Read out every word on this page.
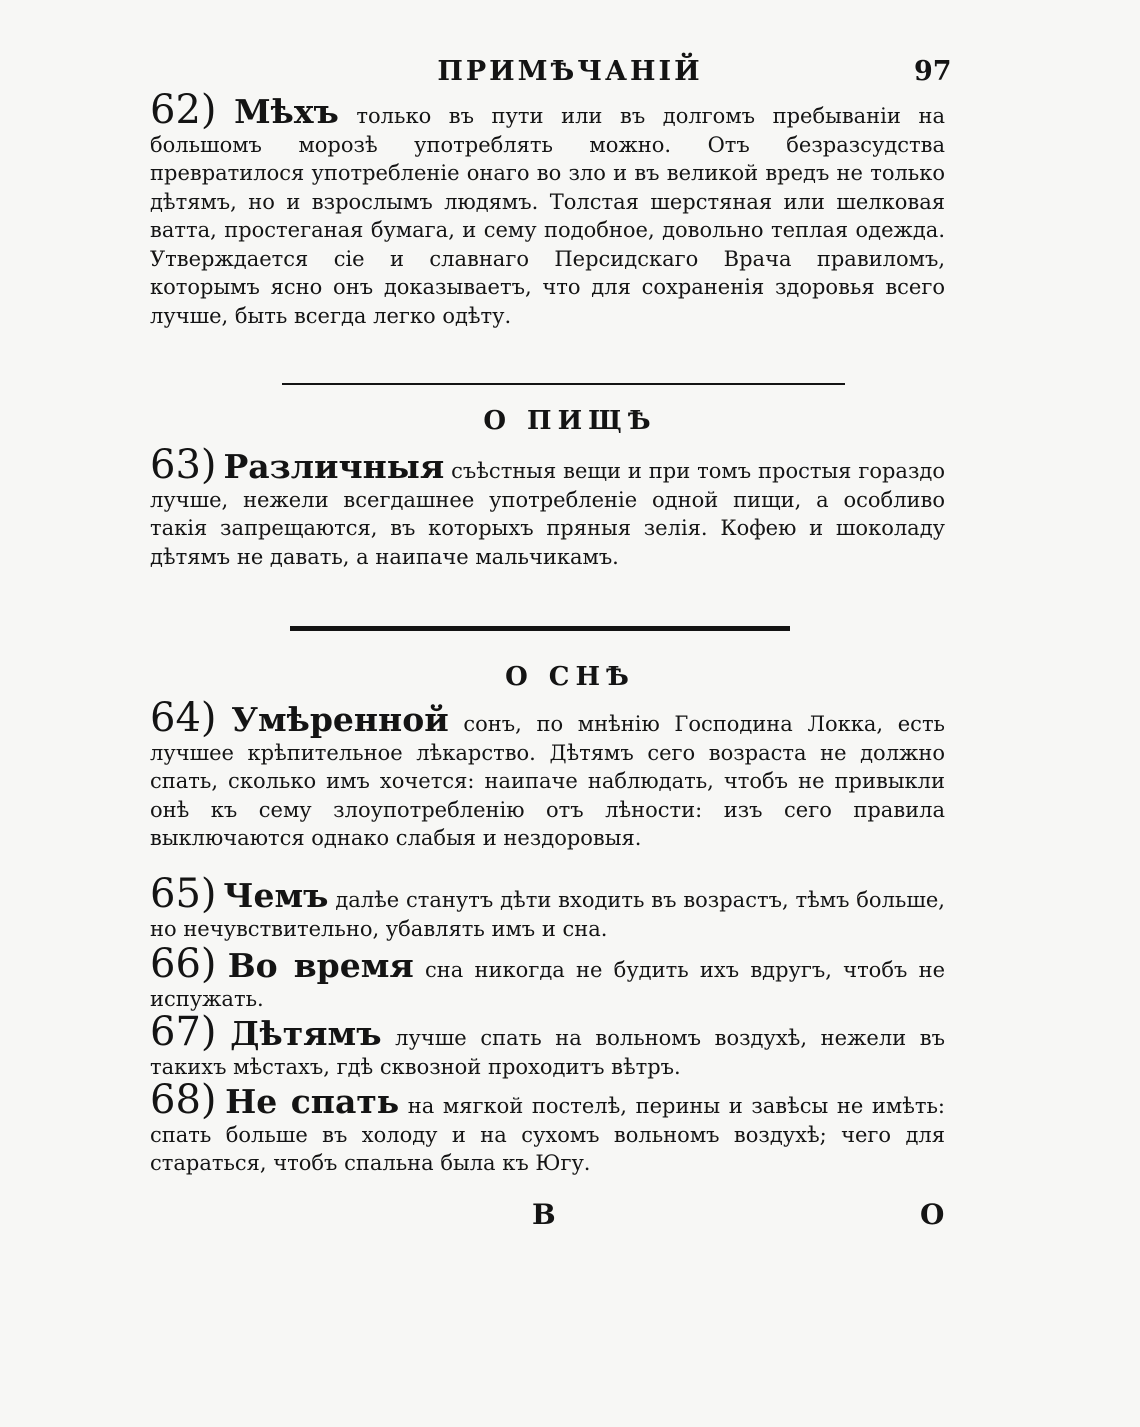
ПРИМѢЧАНІЙ	97

62) Мѣхъ только въ пути или въ долгомъ пребываніи на большомъ морозѣ употреблять можно. Отъ безразсудства превратилося употребленіе онаго во зло и въ великой вредъ не только дѣтямъ, но и взрослымъ людямъ. Толстая шерстяная или шелковая ватта, простеганая бумага, и сему подобное, довольно теплая одежда. Утверждается сіе и славнаго Персидскаго Врача правиломъ, которымъ ясно онъ доказываетъ, что для сохраненія здоровья всего лучше, быть всегда легко одѣту.

О ПИЩѢ

63) Различныя съѣстныя вещи и при томъ простыя гораздо лучше, нежели всегдашнее употребленіе одной пищи, а особливо такія запрещаются, въ которыхъ пряныя зелія. Кофею и шоколаду дѣтямъ не давать, а наипаче мальчикамъ.

О СНѢ

64) Умѣренной сонъ, по мнѣнію Господина Локка, есть лучшее крѣпительное лѣкарство. Дѣтямъ сего возраста не должно спать, сколько имъ хочется: наипаче наблюдать, чтобъ не привыкли онѣ къ сему злоупотребленію отъ лѣности: изъ сего правила выключаются однако слабыя и нездоровыя.

65) Чемъ далѣе станутъ дѣти входить въ возрастъ, тѣмъ больше, но нечувствительно, убавлять имъ и сна.

66) Во время сна никогда не будить ихъ вдругъ, чтобъ не испужать.

67) Дѣтямъ лучше спать на вольномъ воздухѣ, нежели въ такихъ мѣстахъ, гдѣ сквозной проходитъ вѣтръ.

68) Не спать на мягкой постелѣ, перины и завѣсы не имѣть: спать больше въ холоду и на сухомъ вольномъ воздухѣ; чего для стараться, чтобъ спальна была къ Югу.

В	О
